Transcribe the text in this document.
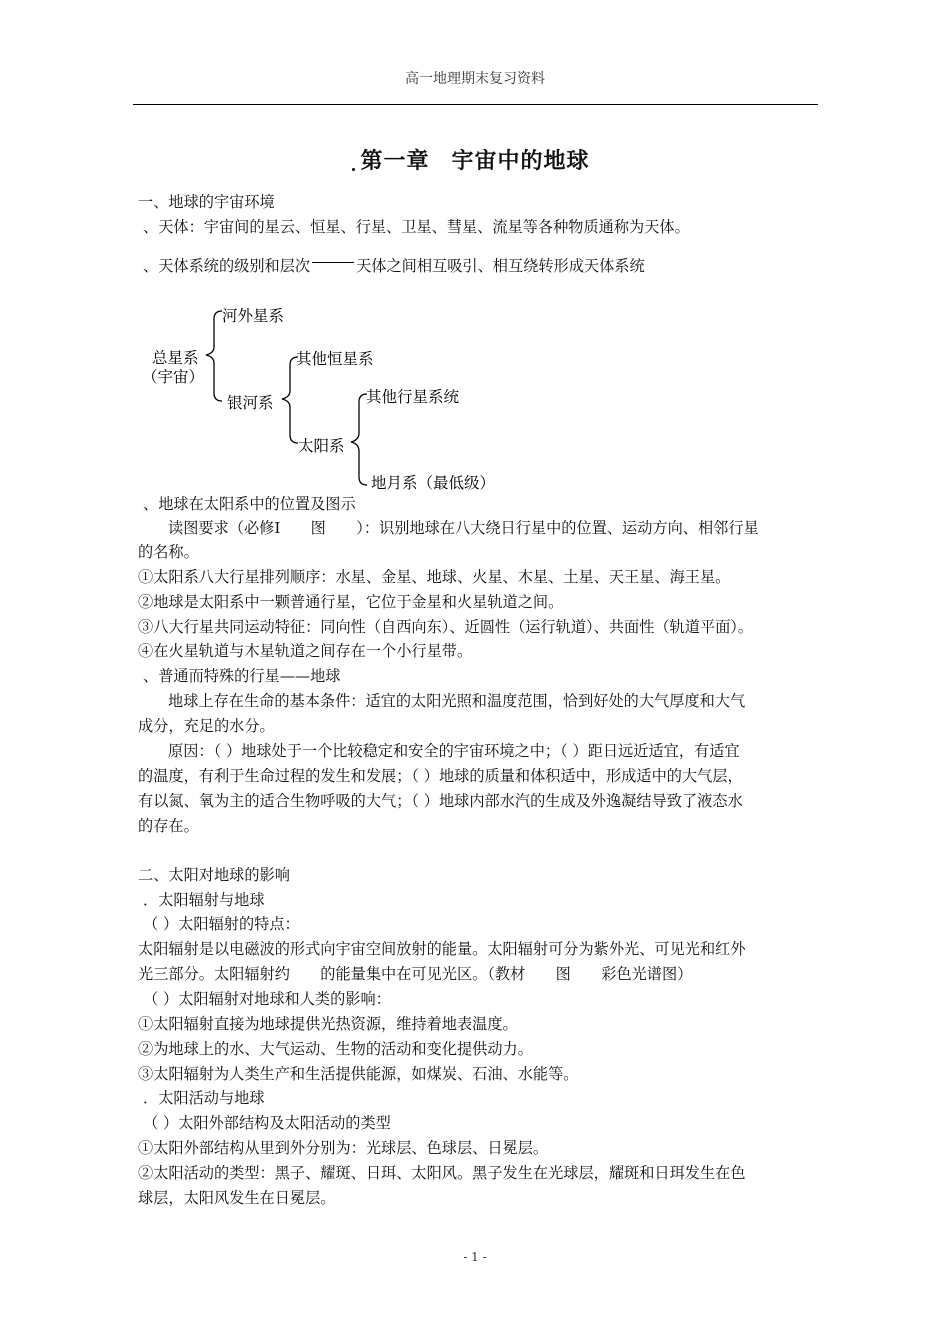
高一地理期末复习资料
第一章 宇宙中的地球
一、地球的宇宙环境
、天体：宇宙间的星云、恒星、行星、卫星、彗星、流星等各种物质通称为天体。
、天体系统的级别和层次	天体之间相互吸引、相互绕转形成天体系统
总星系
（宇宙）
河外星系
银河系
其他恒星系
太阳系
其他行星系统
地月系（最低级）
、地球在太阳系中的位置及图示
读图要求（必修Ⅰ　　图　　）：识别地球在八大绕日行星中的位置、运动方向、相邻行星
的名称。
①太阳系八大行星排列顺序：水星、金星、地球、火星、木星、土星、天王星、海王星。
②地球是太阳系中一颗普通行星，它位于金星和火星轨道之间。
③八大行星共同运动特征：同向性（自西向东）、近圆性（运行轨道）、共面性（轨道平面）。
④在火星轨道与木星轨道之间存在一个小行星带。
、普通而特殊的行星——地球
地球上存在生命的基本条件：适宜的太阳光照和温度范围，恰到好处的大气厚度和大气
成分，充足的水分。
原因：（ ）地球处于一个比较稳定和安全的宇宙环境之中；（ ）距日远近适宜，有适宜
的温度，有利于生命过程的发生和发展；（ ）地球的质量和体积适中，形成适中的大气层，
有以氮、氧为主的适合生物呼吸的大气；（ ）地球内部水汽的生成及外逸凝结导致了液态水
的存在。
二、太阳对地球的影响
．太阳辐射与地球
（ ）太阳辐射的特点：
太阳辐射是以电磁波的形式向宇宙空间放射的能量。太阳辐射可分为紫外光、可见光和红外
光三部分。太阳辐射约　　的能量集中在可见光区。（教材　　图　　彩色光谱图）
（ ）太阳辐射对地球和人类的影响：
①太阳辐射直接为地球提供光热资源，维持着地表温度。
②为地球上的水、大气运动、生物的活动和变化提供动力。
③太阳辐射为人类生产和生活提供能源，如煤炭、石油、水能等。
．太阳活动与地球
（ ）太阳外部结构及太阳活动的类型
①太阳外部结构从里到外分别为：光球层、色球层、日冕层。
②太阳活动的类型：黑子、耀斑、日珥、太阳风。黑子发生在光球层，耀斑和日珥发生在色
球层，太阳风发生在日冕层。
- 1 -
